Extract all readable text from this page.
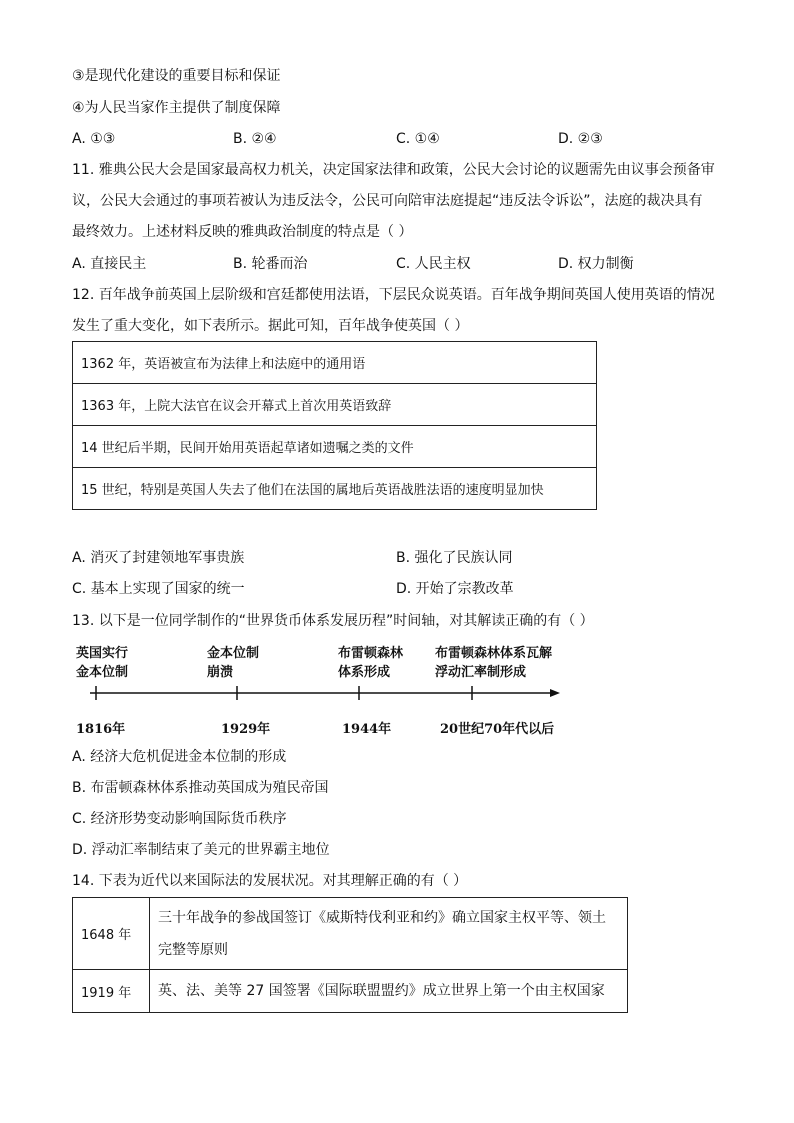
③是现代化建设的重要目标和保证
④为人民当家作主提供了制度保障
A. ①③	B. ②④	C. ①④	D. ②③
11. 雅典公民大会是国家最高权力机关，决定国家法律和政策，公民大会讨论的议题需先由议事会预备审
议，公民大会通过的事项若被认为违反法令，公民可向陪审法庭提起“违反法令诉讼”，法庭的裁决具有
最终效力。上述材料反映的雅典政治制度的特点是（ ）
A. 直接民主	B. 轮番而治	C. 人民主权	D. 权力制衡
12. 百年战争前英国上层阶级和宫廷都使用法语，下层民众说英语。百年战争期间英国人使用英语的情况
发生了重大变化，如下表所示。据此可知，百年战争使英国（ ）
1362 年，英语被宣布为法律上和法庭中的通用语
1363 年，上院大法官在议会开幕式上首次用英语致辞
14 世纪后半期，民间开始用英语起草诸如遗嘱之类的文件
15 世纪，特别是英国人失去了他们在法国的属地后英语战胜法语的速度明显加快
A. 消灭了封建领地军事贵族	B. 强化了民族认同
C. 基本上实现了国家的统一	D. 开始了宗教改革
13. 以下是一位同学制作的“世界货币体系发展历程”时间轴，对其解读正确的有（ ）
英国实行
金本位制
金本位制
崩溃
布雷顿森林
体系形成
布雷顿森林体系瓦解
浮动汇率制形成
1816年	1929年	1944年	20世纪70年代以后
A. 经济大危机促进金本位制的形成
B. 布雷顿森林体系推动英国成为殖民帝国
C. 经济形势变动影响国际货币秩序
D. 浮动汇率制结束了美元的世界霸主地位
14. 下表为近代以来国际法的发展状况。对其理解正确的有（ ）
1648 年	三十年战争的参战国签订《威斯特伐利亚和约》确立国家主权平等、领土
完整等原则

1919 年	英、法、美等 27 国签署《国际联盟盟约》成立世界上第一个由主权国家
